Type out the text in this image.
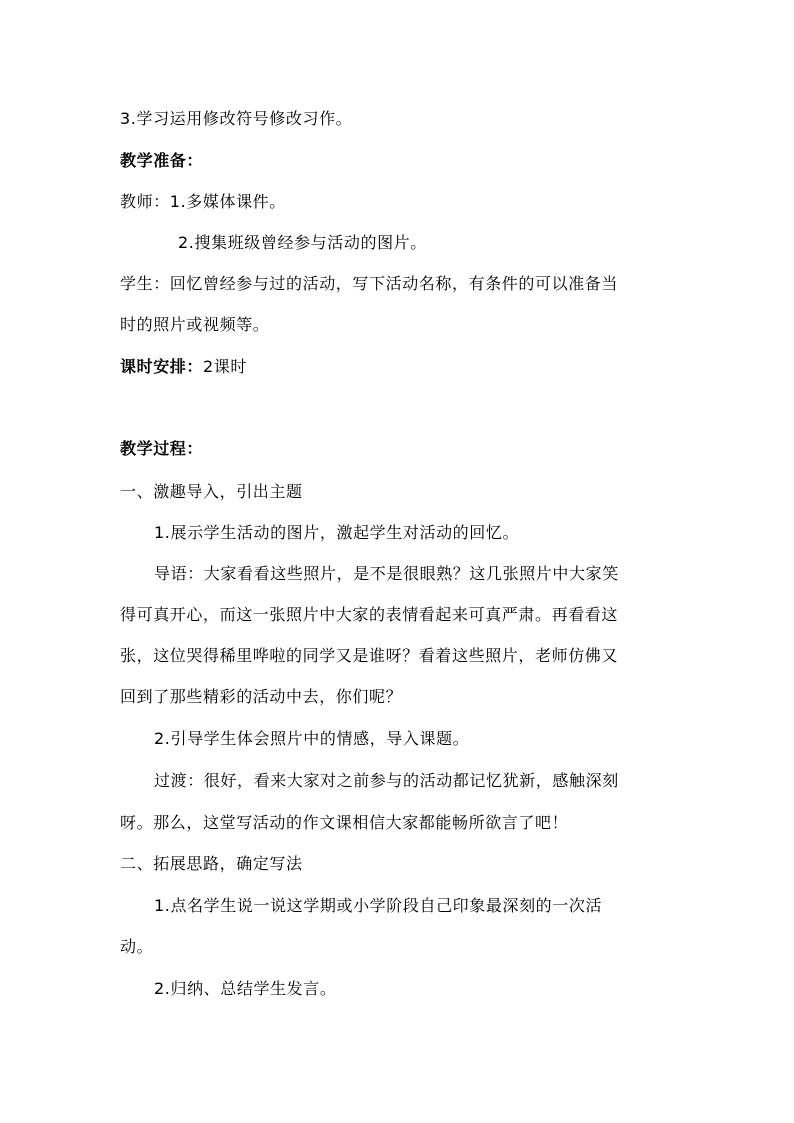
3.学习运用修改符号修改习作。
教学准备：
教师：1.多媒体课件。
2.搜集班级曾经参与活动的图片。
学生：回忆曾经参与过的活动，写下活动名称，有条件的可以准备当
时的照片或视频等。
课时安排：2课时
教学过程：
一、激趣导入，引出主题
1.展示学生活动的图片，激起学生对活动的回忆。
导语：大家看看这些照片，是不是很眼熟？这几张照片中大家笑
得可真开心，而这一张照片中大家的表情看起来可真严肃。再看看这
张，这位哭得稀里哗啦的同学又是谁呀？看着这些照片，老师仿佛又
回到了那些精彩的活动中去，你们呢？
2.引导学生体会照片中的情感，导入课题。
过渡：很好，看来大家对之前参与的活动都记忆犹新，感触深刻
呀。那么，这堂写活动的作文课相信大家都能畅所欲言了吧！
二、拓展思路，确定写法
1.点名学生说一说这学期或小学阶段自己印象最深刻的一次活
动。
2.归纳、总结学生发言。
